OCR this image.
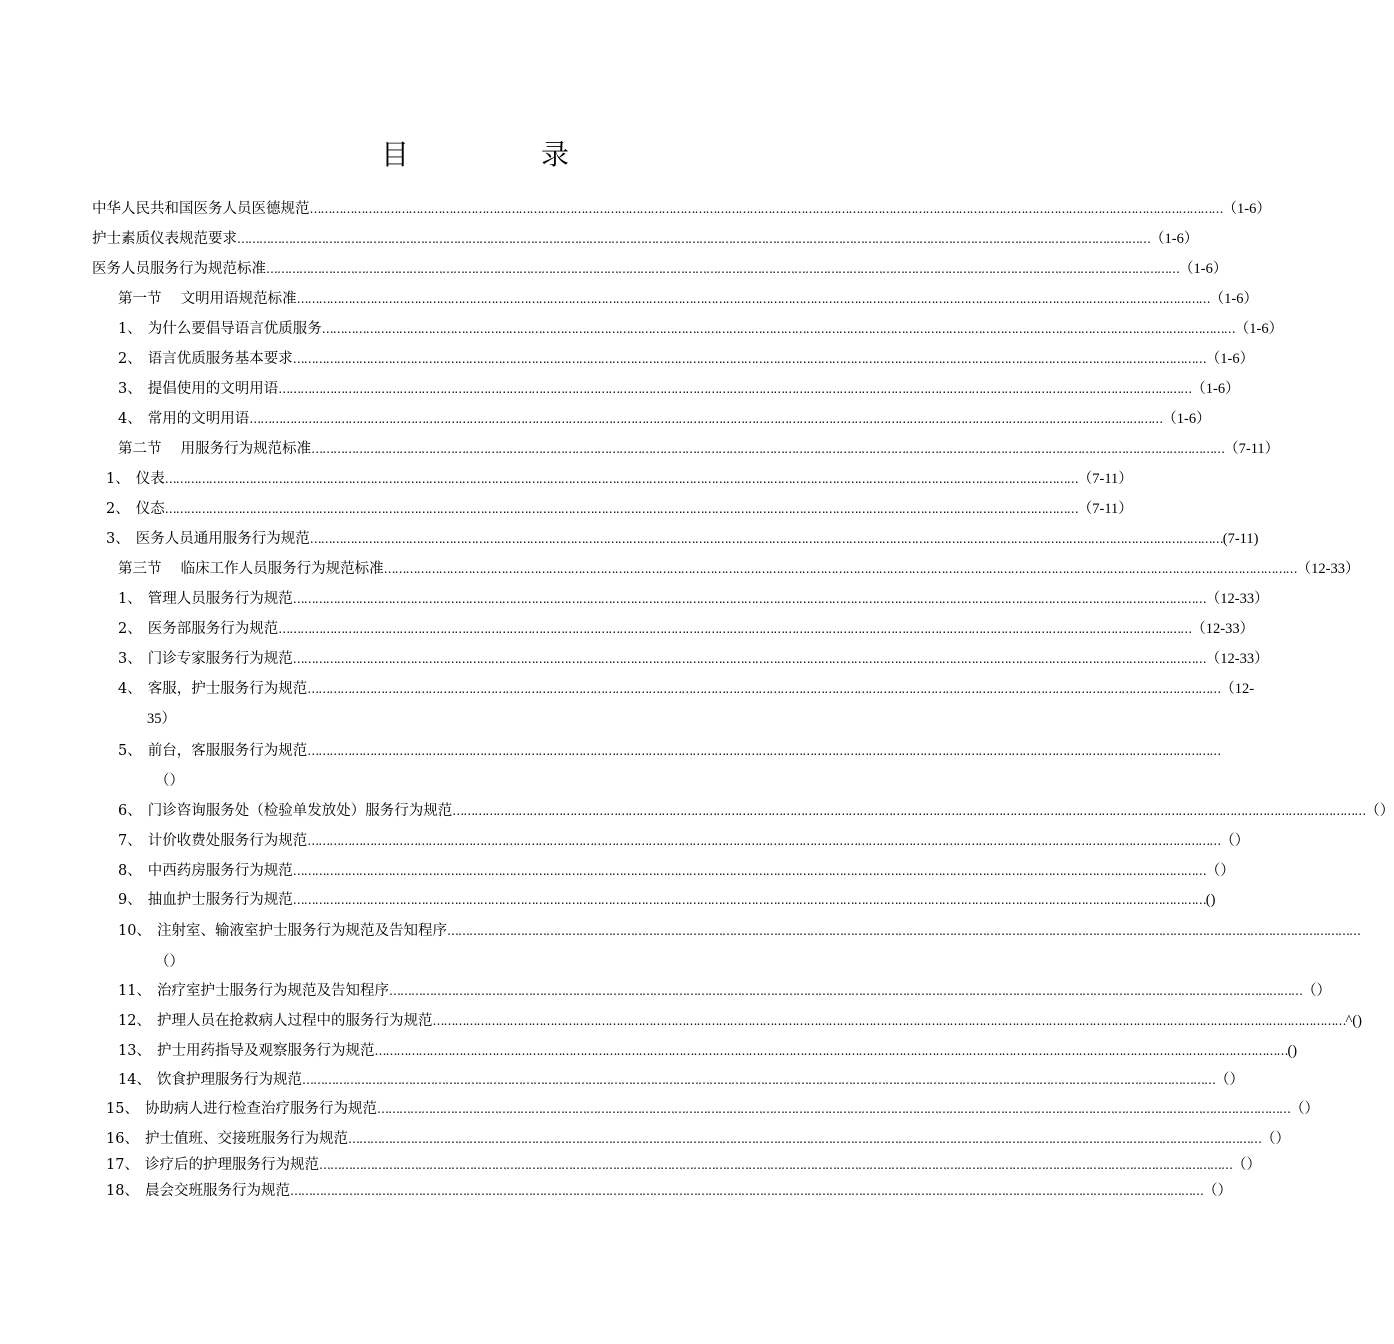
目　录
中华人民共和国医务人员医德规范 …………………………………………………………………………………………………………………………………………………………………………………………………………………………… （1-6）
护士素质仪表规范要求 …………………………………………………………………………………………………………………………………………………………………………………………………………………………… （1-6）
医务人员服务行为规范标准 …………………………………………………………………………………………………………………………………………………………………………………………………………………………… （1-6）
第一节　 文明用语规范标准 …………………………………………………………………………………………………………………………………………………………………………………………………………………………… （1-6）
1、 为什么要倡导语言优质服务 …………………………………………………………………………………………………………………………………………………………………………………………………………………………… （1-6）
2、 语言优质服务基本要求 …………………………………………………………………………………………………………………………………………………………………………………………………………………………… （1-6）
3、 提倡使用的文明用语 …………………………………………………………………………………………………………………………………………………………………………………………………………………………… （1-6）
4、 常用的文明用语 …………………………………………………………………………………………………………………………………………………………………………………………………………………………… （1-6）
第二节　 用服务行为规范标准 …………………………………………………………………………………………………………………………………………………………………………………………………………………………… （7-11）
1、 仪表 …………………………………………………………………………………………………………………………………………………………………………………………………………………………… （7-11）
2、 仪态 …………………………………………………………………………………………………………………………………………………………………………………………………………………………… （7-11）
3、 医务人员通用服务行为规范 …………………………………………………………………………………………………………………………………………………………………………………………………………………………… (7-11)
第三节　 临床工作人员服务行为规范标准 …………………………………………………………………………………………………………………………………………………………………………………………………………………………… （12-33）
1、 管理人员服务行为规范 …………………………………………………………………………………………………………………………………………………………………………………………………………………………… （12-33）
2、 医务部服务行为规范 …………………………………………………………………………………………………………………………………………………………………………………………………………………………… （12-33）
3、 门诊专家服务行为规范 …………………………………………………………………………………………………………………………………………………………………………………………………………………………… （12-33）
4、 客服，护士服务行为规范 …………………………………………………………………………………………………………………………………………………………………………………………………………………………… （12-
35）
5、 前台，客服服务行为规范 ……………………………………………………………………………………………………………………………………………………………………………………………………………………………
（）
6、 门诊咨询服务处（检验单发放处）服务行为规范 …………………………………………………………………………………………………………………………………………………………………………………………………………………………… （）
7、 计价收费处服务行为规范 …………………………………………………………………………………………………………………………………………………………………………………………………………………………… （）
8、 中西药房服务行为规范 …………………………………………………………………………………………………………………………………………………………………………………………………………………………… （）
9、 抽血护士服务行为规范 …………………………………………………………………………………………………………………………………………………………………………………………………………………………… ()
10、 注射室、输液室护士服务行为规范及告知程序 ……………………………………………………………………………………………………………………………………………………………………………………………………………………………
（）
11、 治疗室护士服务行为规范及告知程序 …………………………………………………………………………………………………………………………………………………………………………………………………………………………… （）
12、 护理人员在抢救病人过程中的服务行为规范 …………………………………………………………………………………………………………………………………………………………………………………………………………………………… ^()
13、 护士用药指导及观察服务行为规范 …………………………………………………………………………………………………………………………………………………………………………………………………………………………… ()
14、 饮食护理服务行为规范 …………………………………………………………………………………………………………………………………………………………………………………………………………………………… （）
15、 协助病人进行检查治疗服务行为规范 …………………………………………………………………………………………………………………………………………………………………………………………………………………………… （）
16、 护士值班、交接班服务行为规范 …………………………………………………………………………………………………………………………………………………………………………………………………………………………… （）
17、 诊疗后的护理服务行为规范 …………………………………………………………………………………………………………………………………………………………………………………………………………………………… （）
18、 晨会交班服务行为规范 …………………………………………………………………………………………………………………………………………………………………………………………………………………………… （）
